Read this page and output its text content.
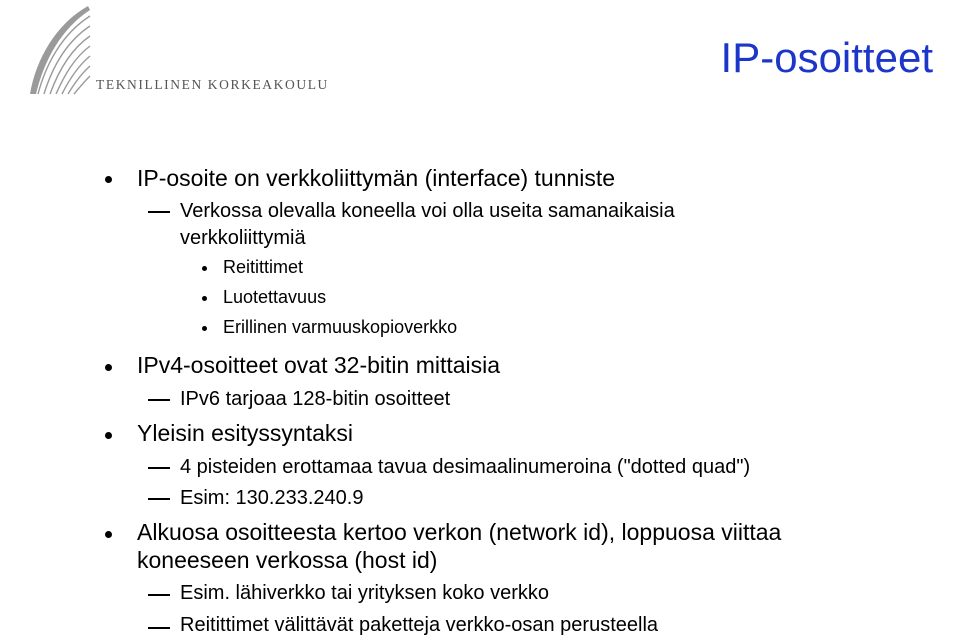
TEKNILLINEN KORKEAKOULU
IP-osoitteet
IP-osoite on verkkoliittymän (interface) tunniste
Verkossa olevalla koneella voi olla useita samanaikaisia
verkkoliittymiä
Reitittimet
Luotettavuus
Erillinen varmuuskopioverkko
IPv4-osoitteet ovat 32-bitin mittaisia
IPv6 tarjoaa 128-bitin osoitteet
Yleisin esityssyntaksi
4 pisteiden erottamaa tavua desimaalinumeroina ("dotted quad")
Esim: 130.233.240.9
Alkuosa osoitteesta kertoo verkon (network id), loppuosa viittaa
koneeseen verkossa (host id)
Esim. lähiverkko tai yrityksen koko verkko
Reitittimet välittävät paketteja verkko-osan perusteella
